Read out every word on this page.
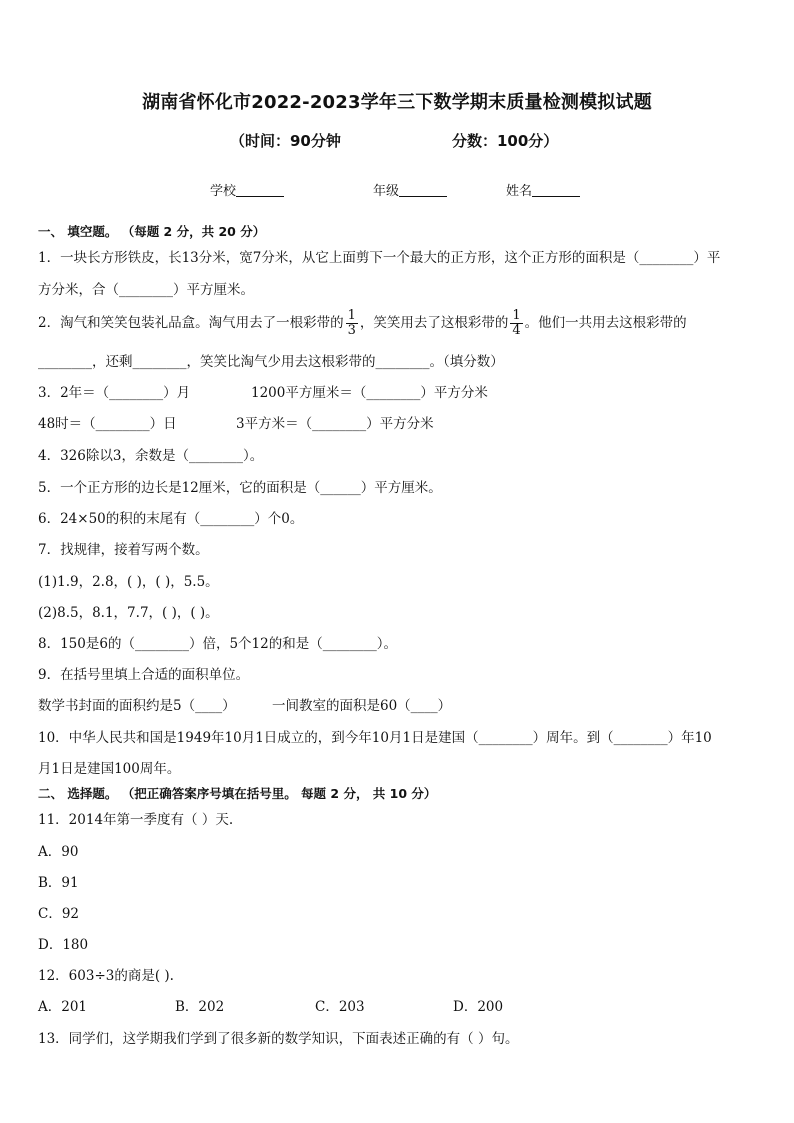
湖南省怀化市2022-2023学年三下数学期末质量检测模拟试题
（时间：90分钟	分数：100分）
学校	年级	姓名
一、 填空题。 （每题 2 分，共 20 分）
1．一块长方形铁皮，长13分米，宽7分米，从它上面剪下一个最大的正方形，这个正方形的面积是（________）平
方分米，合（________）平方厘米。
2．淘气和笑笑包装礼品盒。淘气用去了一根彩带的 $\frac{1}{3}$ ，笑笑用去了这根彩带的 $\frac{1}{4}$ 。他们一共用去这根彩带的
________，还剩________，笑笑比淘气少用去这根彩带的________。（填分数）
3．2年＝（________）月	1200平方厘米＝（________）平方分米
48时＝（________）日	3平方米＝（________）平方分米
4．326除以3，余数是（________）。
5．一个正方形的边长是12厘米，它的面积是（______）平方厘米。
6．24×50的积的末尾有（________）个0。
7．找规律，接着写两个数。
(1)1.9，2.8，( )，( )，5.5。
(2)8.5，8.1，7.7，( )，( )。
8．150是6的（________）倍，5个12的和是（________）。
9．在括号里填上合适的面积单位。
数学书封面的面积约是5（____）	一间教室的面积是60（____）
10．中华人民共和国是1949年10月1日成立的，到今年10月1日是建国（________）周年。到（________）年10
月1日是建国100周年。
二、 选择题。 （把正确答案序号填在括号里。 每题 2 分， 共 10 分）
11．2014年第一季度有（ ）天.
A．90
B．91
C．92
D．180
12．603÷3的商是( ).
A．201	B．202	C．203	D．200
13．同学们，这学期我们学到了很多新的数学知识，下面表述正确的有（ ）句。
